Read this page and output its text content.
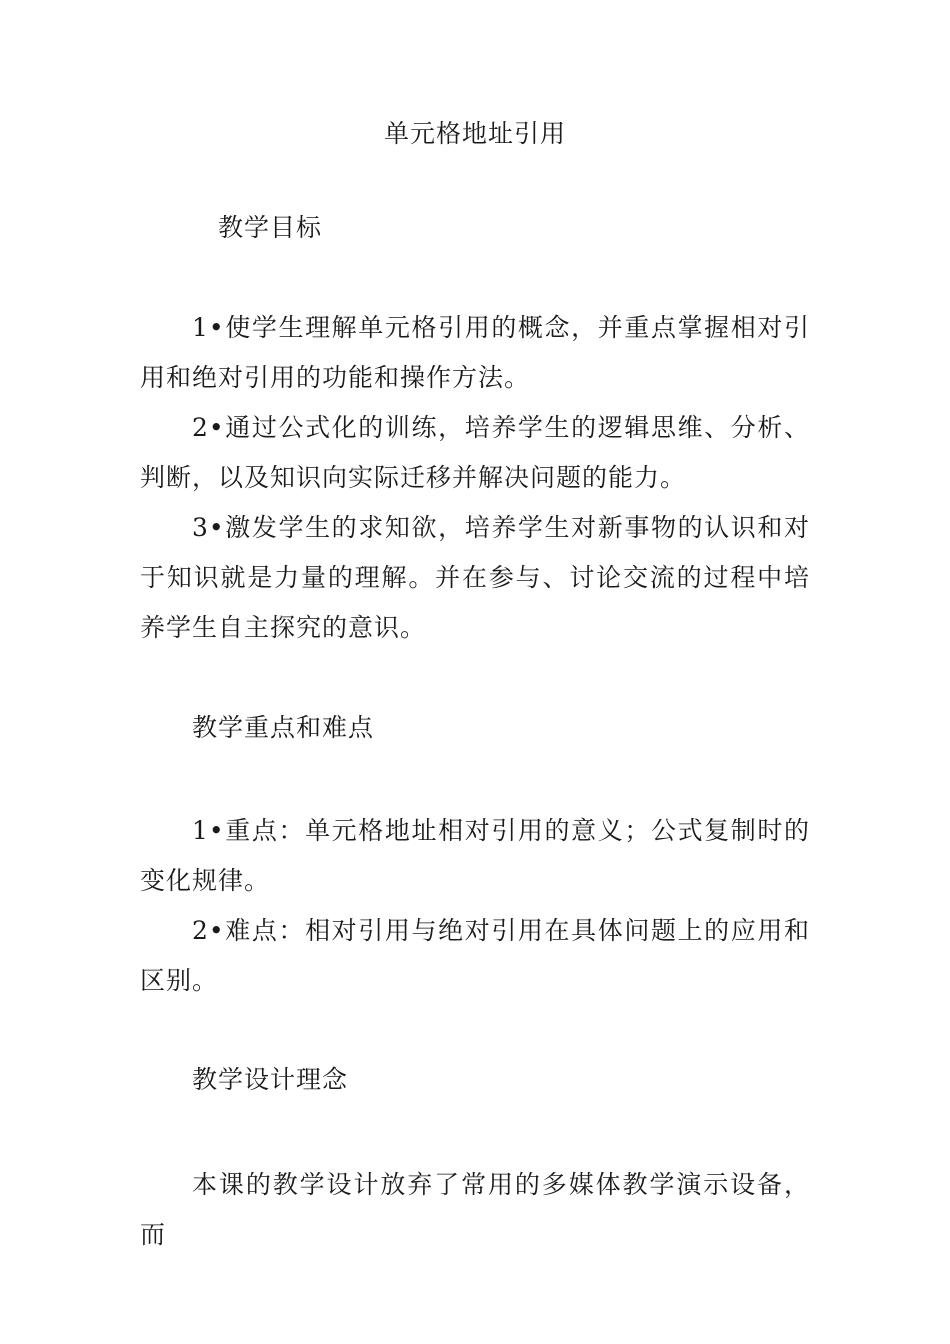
单元格地址引用
教学目标
1•使学生理解单元格引用的概念，并重点掌握相对引用和绝对引用的功能和操作方法。
2•通过公式化的训练，培养学生的逻辑思维、分析、判断，以及知识向实际迁移并解决问题的能力。
3•激发学生的求知欲，培养学生对新事物的认识和对于知识就是力量的理解。并在参与、讨论交流的过程中培养学生自主探究的意识。
教学重点和难点
1•重点：单元格地址相对引用的意义；公式复制时的变化规律。
2•难点：相对引用与绝对引用在具体问题上的应用和区别。
教学设计理念
本课的教学设计放弃了常用的多媒体教学演示设备，而
